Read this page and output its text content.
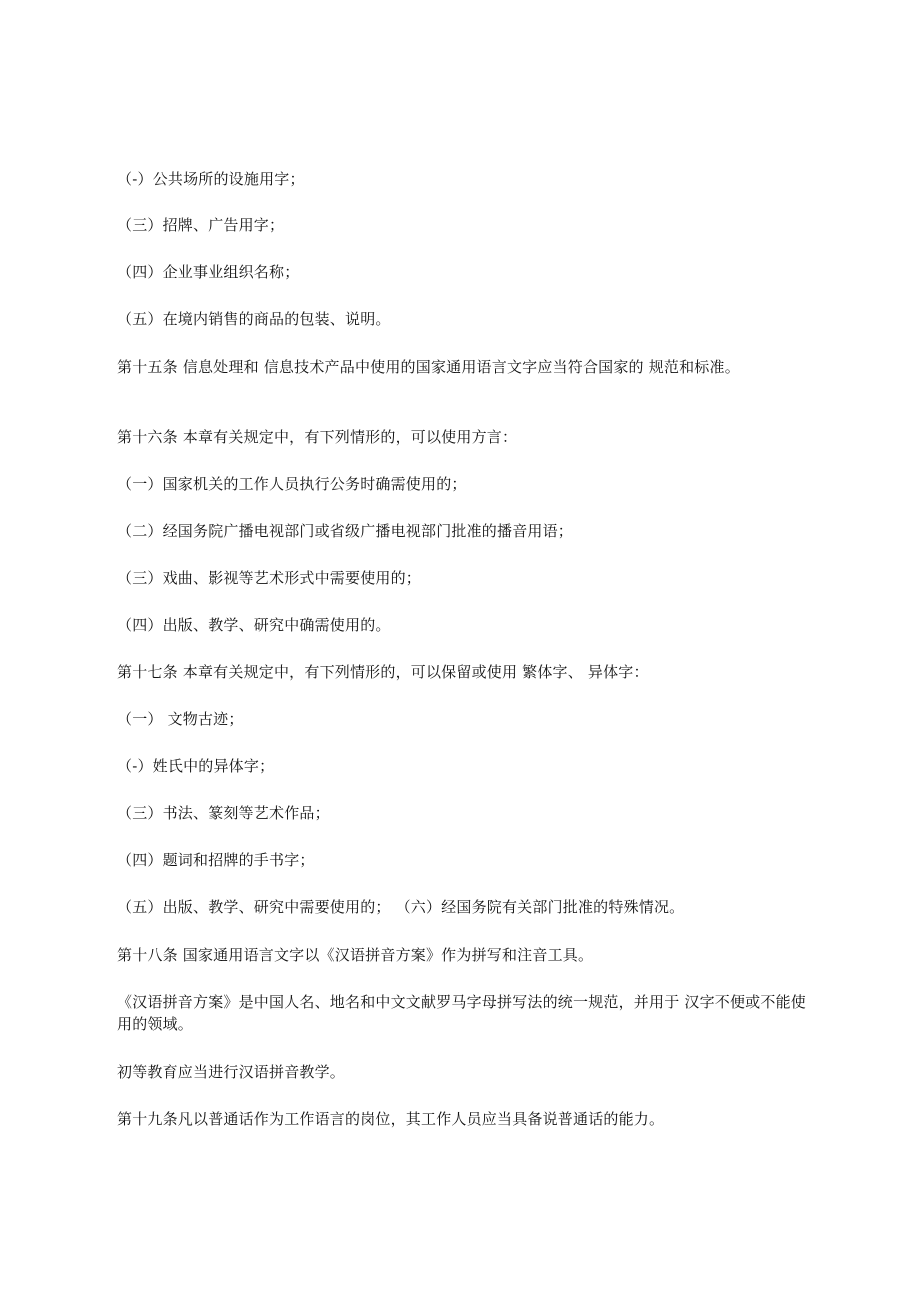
（-）公共场所的设施用字；
（三）招牌、广告用字；
（四）企业事业组织名称；
（五）在境内销售的商品的包装、说明。
第十五条 信息处理和 信息技术产品中使用的国家通用语言文字应当符合国家的 规范和标准。
第十六条 本章有关规定中，有下列情形的，可以使用方言：
（一）国家机关的工作人员执行公务时确需使用的；
（二）经国务院广播电视部门或省级广播电视部门批准的播音用语；
（三）戏曲、影视等艺术形式中需要使用的；
（四）出版、教学、研究中确需使用的。
第十七条 本章有关规定中，有下列情形的，可以保留或使用 繁体字、 异体字：
（一） 文物古迹；
（-）姓氏中的异体字；
（三）书法、篆刻等艺术作品；
（四）题词和招牌的手书字；
（五）出版、教学、研究中需要使用的； （六）经国务院有关部门批准的特殊情况。
第十八条 国家通用语言文字以《汉语拼音方案》作为拼写和注音工具。
《汉语拼音方案》是中国人名、地名和中文文献罗马字母拼写法的统一规范，并用于 汉字不便或不能使用的领域。
初等教育应当进行汉语拼音教学。
第十九条凡以普通话作为工作语言的岗位，其工作人员应当具备说普通话的能力。
